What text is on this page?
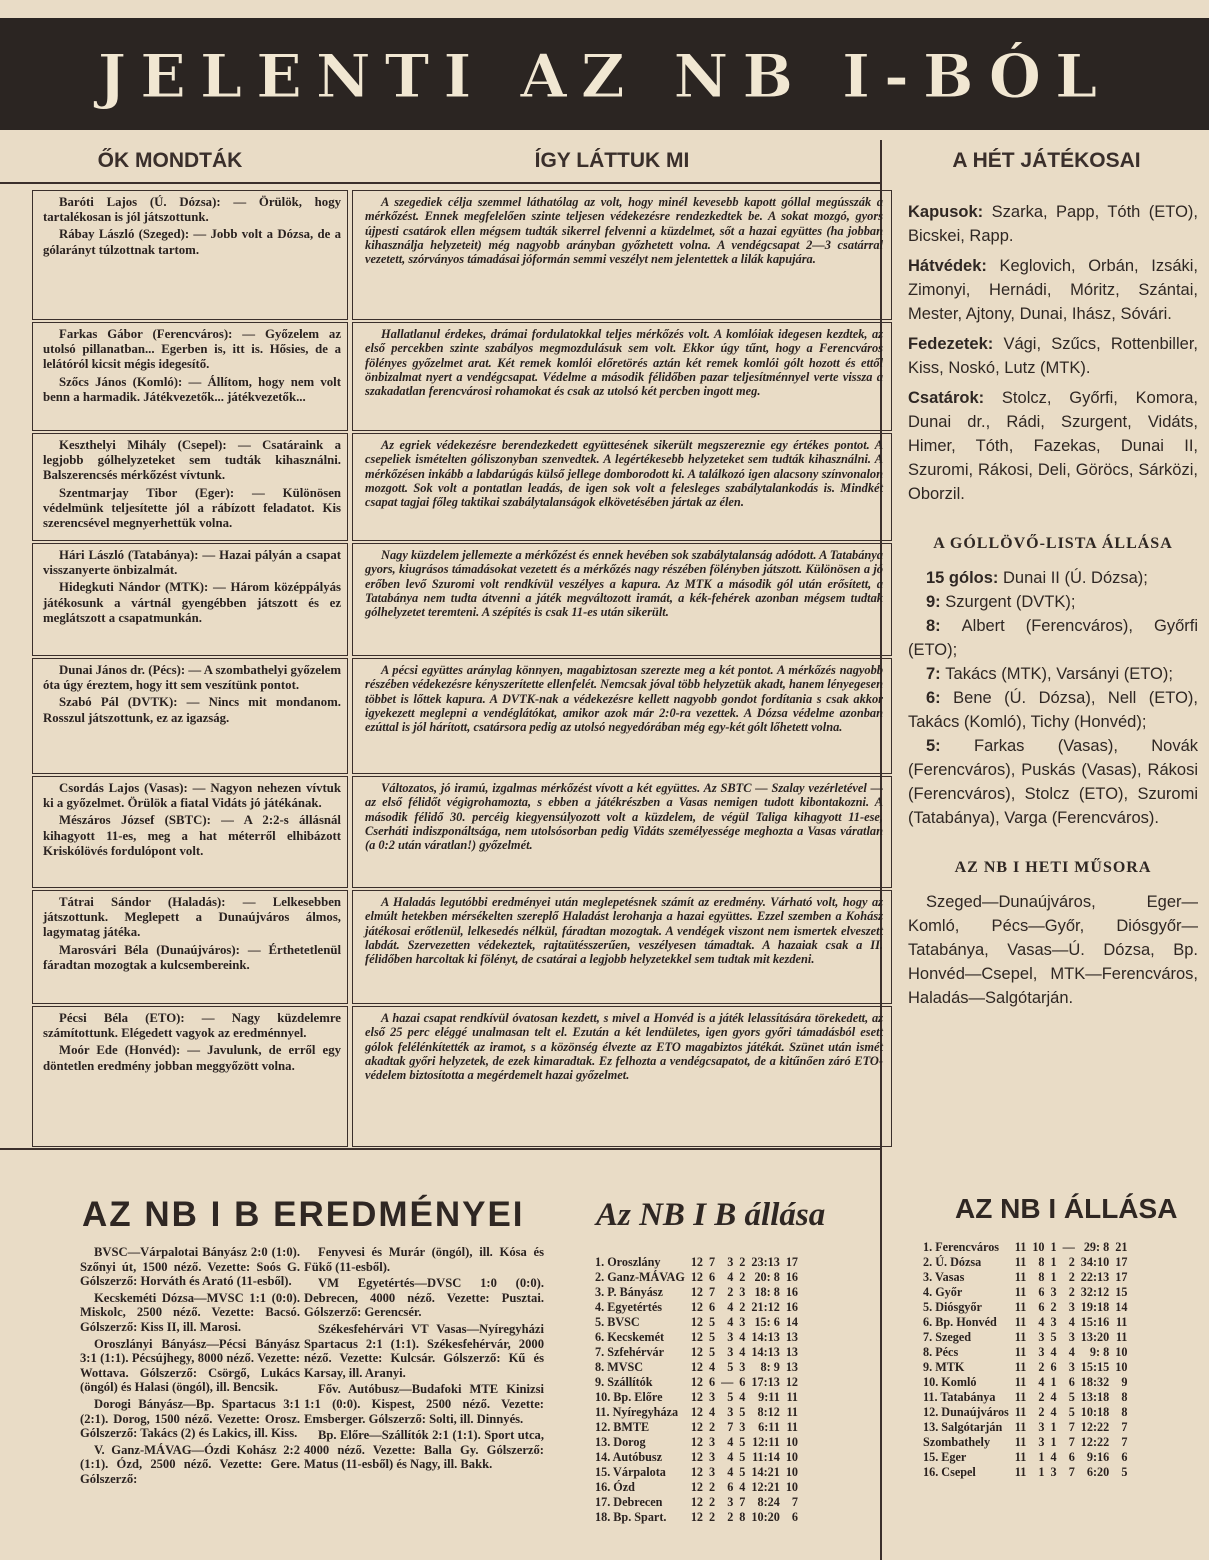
JELENTI AZ NB I-BÓL
ŐK MONDTÁK	ÍGY LÁTTUK MI	A HÉT JÁTÉKOSAI

Baróti Lajos (Ú. Dózsa): — Örülök, hogy tartalékosan is jól játszottunk.

Rábay László (Szeged): — Jobb volt a Dózsa, de a gólarányt túlzottnak tartom.

A szegediek célja szemmel láthatólag az volt, hogy minél kevesebb kapott góllal megússzák a mérkőzést. Ennek megfelelően szinte teljesen védekezésre rendezkedtek be. A sokat mozgó, gyors újpesti csatárok ellen mégsem tudták sikerrel felvenni a küzdelmet, sőt a hazai együttes (ha jobban kihasználja helyzeteit) még nagyobb arányban győzhetett volna. A vendégcsapat 2—3 csatárral vezetett, szórványos támadásai jóformán semmi veszélyt nem jelentettek a lilák kapujára.

Farkas Gábor (Ferencváros): — Győzelem az utolsó pillanatban... Egerben is, itt is. Hősies, de a lelátóról kicsit mégis idegesítő.

Szőcs János (Komló): — Állítom, hogy nem volt benn a harmadik. Játékvezetők... játékvezetők...

Hallatlanul érdekes, drámai fordulatokkal teljes mérkőzés volt. A komlóiak idegesen kezdtek, az első percekben szinte szabályos megmozdulásuk sem volt. Ekkor úgy tűnt, hogy a Ferencváros fölényes győzelmet arat. Két remek komlói előretörés aztán két remek komlói gólt hozott és ettől önbizalmat nyert a vendégcsapat. Védelme a második félidőben pazar teljesítménnyel verte vissza a szakadatlan ferencvárosi rohamokat és csak az utolsó két percben ingott meg.

Keszthelyi Mihály (Csepel): — Csatáraink a legjobb gólhelyzeteket sem tudták kihasználni. Balszerencsés mérkőzést vívtunk.

Szentmarjay Tibor (Eger): — Különösen védelmünk teljesítette jól a rábízott feladatot. Kis szerencsével megnyerhettük volna.

Az egriek védekezésre berendezkedett együttesének sikerült megszereznie egy értékes pontot. A csepeliek ismételten góliszonyban szenvedtek. A legértékesebb helyzeteket sem tudták kihasználni. A mérkőzésen inkább a labdarúgás külső jellege domborodott ki. A találkozó igen alacsony színvonalon mozgott. Sok volt a pontatlan leadás, de igen sok volt a felesleges szabálytalankodás is. Mindkét csapat tagjai főleg taktikai szabálytalanságok elkövetésében jártak az élen.

Hári László (Tatabánya): — Hazai pályán a csapat visszanyerte önbizalmát.

Hidegkuti Nándor (MTK): — Három középpályás játékosunk a vártnál gyengébben játszott és ez meglátszott a csapatmunkán.

Nagy küzdelem jellemezte a mérkőzést és ennek hevében sok szabálytalanság adódott. A Tatabánya gyors, kiugrásos támadásokat vezetett és a mérkőzés nagy részében fölényben játszott. Különösen a jó erőben levő Szuromi volt rendkívül veszélyes a kapura. Az MTK a második gól után erősített, a Tatabánya nem tudta átvenni a játék megváltozott iramát, a kék-fehérek azonban mégsem tudtak gólhelyzetet teremteni. A szépítés is csak 11-es után sikerült.

Dunai János dr. (Pécs): — A szombathelyi győzelem óta úgy éreztem, hogy itt sem veszítünk pontot.

Szabó Pál (DVTK): — Nincs mit mondanom. Rosszul játszottunk, ez az igazság.

A pécsi együttes aránylag könnyen, magabiztosan szerezte meg a két pontot. A mérkőzés nagyobb részében védekezésre kényszerítette ellenfelét. Nemcsak jóval több helyzetük akadt, hanem lényegesen többet is lőttek kapura. A DVTK-nak a védekezésre kellett nagyobb gondot fordítania s csak akkor igyekezett meglepni a vendéglátókat, amikor azok már 2:0-ra vezettek. A Dózsa védelme azonban ezúttal is jól hárított, csatársora pedig az utolsó negyedórában még egy-két gólt lőhetett volna.

Csordás Lajos (Vasas): — Nagyon nehezen vívtuk ki a győzelmet. Örülök a fiatal Vidáts jó játékának.

Mészáros József (SBTC): — A 2:2-s állásnál kihagyott 11-es, meg a hat méterről elhibázott Kriskólövés fordulópont volt.

Változatos, jó iramú, izgalmas mérkőzést vívott a két együttes. Az SBTC — Szalay vezérletével — az első félidőt végigrohamozta, s ebben a játékrészben a Vasas nemigen tudott kibontakozni. A második félidő 30. percéig kiegyensúlyozott volt a küzdelem, de végül Taliga kihagyott 11-ese, Cserháti indiszponáltsága, nem utolsósorban pedig Vidáts személyessége meghozta a Vasas váratlan (a 0:2 után váratlan!) győzelmét.

Tátrai Sándor (Haladás): — Lelkesebben játszottunk. Meglepett a Dunaújváros álmos, lagymatag játéka.

Marosvári Béla (Dunaújváros): — Érthetetlenül fáradtan mozogtak a kulcsembereink.

A Haladás legutóbbi eredményei után meglepetésnek számít az eredmény. Várható volt, hogy az elmúlt hetekben mérsékelten szereplő Haladást lerohanja a hazai együttes. Ezzel szemben a Kohász játékosai erőtlenül, lelkesedés nélkül, fáradtan mozogtak. A vendégek viszont nem ismertek elveszett labdát. Szervezetten védekeztek, rajtaütésszerűen, veszélyesen támadtak. A hazaiak csak a II. félidőben harcoltak ki fölényt, de csatárai a legjobb helyzetekkel sem tudtak mit kezdeni.

Pécsi Béla (ETO): — Nagy küzdelemre számítottunk. Elégedett vagyok az eredménnyel.

Moór Ede (Honvéd): — Javulunk, de erről egy döntetlen eredmény jobban meggyőzött volna.

A hazai csapat rendkívül óvatosan kezdett, s mivel a Honvéd is a játék lelassítására törekedett, az első 25 perc eléggé unalmasan telt el. Ezután a két lendületes, igen gyors győri támadásból esett gólok felélénkítették az iramot, s a közönség élvezte az ETO magabiztos játékát. Szünet után ismét akadtak győri helyzetek, de ezek kimaradtak. Ez felhozta a vendégcsapatot, de a kitűnően záró ETO-védelem biztosította a megérdemelt hazai győzelmet.

Kapusok: Szarka, Papp, Tóth (ETO), Bicskei, Rapp.

Hátvédek: Keglovich, Orbán, Izsáki, Zimonyi, Hernádi, Móritz, Szántai, Mester, Ajtony, Dunai, Ihász, Sóvári.

Fedezetek: Vági, Szűcs, Rottenbiller, Kiss, Noskó, Lutz (MTK).

Csatárok: Stolcz, Győrfi, Komora, Dunai dr., Rádi, Szurgent, Vidáts, Himer, Tóth, Fazekas, Dunai II, Szuromi, Rákosi, Deli, Göröcs, Sárközi, Oborzil.

A GÓLLÖVŐ-LISTA ÁLLÁSA

15 gólos: Dunai II (Ú. Dózsa);

9: Szurgent (DVTK);

8: Albert (Ferencváros), Győrfi (ETO);

7: Takács (MTK), Varsányi (ETO);

6: Bene (Ú. Dózsa), Nell (ETO), Takács (Komló), Tichy (Honvéd);

5: Farkas (Vasas), Novák (Ferencváros), Puskás (Vasas), Rákosi (Ferencváros), Stolcz (ETO), Szuromi (Tatabánya), Varga (Ferencváros).

AZ NB I HETI MŰSORA

Szeged—Dunaújváros, Eger—Komló, Pécs—Győr, Diósgyőr—Tatabánya, Vasas—Ú. Dózsa, Bp. Honvéd—Csepel, MTK—Ferencváros, Haladás—Salgótarján.

AZ NB I B EREDMÉNYEI

BVSC—Várpalotai Bányász 2:0 (1:0). Szőnyi út, 1500 néző. Vezette: Soós G. Gólszerző: Horváth és Arató (11-esből).

Kecskeméti Dózsa—MVSC 1:1 (0:0). Miskolc, 2500 néző. Vezette: Bacsó. Gólszerző: Kiss II, ill. Marosi.

Oroszlányi Bányász—Pécsi Bányász 3:1 (1:1). Pécsújhegy, 8000 néző. Vezette: Wottava. Gólszerző: Csörgő, Lukács (öngól) és Halasi (öngól), ill. Bencsik.

Dorogi Bányász—Bp. Spartacus 3:1 (2:1). Dorog, 1500 néző. Vezette: Orosz. Gólszerző: Takács (2) és Lakics, ill. Kiss.

V. Ganz-MÁVAG—Ózdi Kohász 2:2 (1:1). Ózd, 2500 néző. Vezette: Gere. Gólszerző:

Fenyvesi és Murár (öngól), ill. Kósa és Fükő (11-esből).

VM Egyetértés—DVSC 1:0 (0:0). Debrecen, 4000 néző. Vezette: Pusztai. Gólszerző: Gerencsér.

Székesfehérvári VT Vasas—Nyíregyházi Spartacus 2:1 (1:1). Székesfehérvár, 2000 néző. Vezette: Kulcsár. Gólszerző: Kű és Karsay, ill. Aranyi.

Főv. Autóbusz—Budafoki MTE Kinizsi 1:1 (0:0). Kispest, 2500 néző. Vezette: Emsberger. Gólszerző: Solti, ill. Dinnyés.

Bp. Előre—Szállítók 2:1 (1:1). Sport utca, 4000 néző. Vezette: Balla Gy. Gólszerző: Matus (11-esből) és Nagy, ill. Bakk.

Az NB I B állása
1. Oroszlány	12	7	3	2	23:13	17
2. Ganz-MÁVAG	12	6	4	2	20: 8	16
3. P. Bányász	12	7	2	3	18: 8	16
4. Egyetértés	12	6	4	2	21:12	16
5. BVSC	12	5	4	3	15: 6	14
6. Kecskemét	12	5	3	4	14:13	13
7. Szfehérvár	12	5	3	4	14:13	13
8. MVSC	12	4	5	3	8: 9	13
9. Szállítók	12	6	—	6	17:13	12
10. Bp. Előre	12	3	5	4	9:11	11
11. Nyíregyháza	12	4	3	5	8:12	11
12. BMTE	12	2	7	3	6:11	11
13. Dorog	12	3	4	5	12:11	10
14. Autóbusz	12	3	4	5	11:14	10
15. Várpalota	12	3	4	5	14:21	10
16. Ózd	12	2	6	4	12:21	10
17. Debrecen	12	2	3	7	8:24	7
18. Bp. Spart.	12	2	2	8	10:20	6
AZ NB I ÁLLÁSA
1. Ferencváros	11	10	1	—	29: 8	21
2. Ú. Dózsa	11	8	1	2	34:10	17
3. Vasas	11	8	1	2	22:13	17
4. Győr	11	6	3	2	32:12	15
5. Diósgyőr	11	6	2	3	19:18	14
6. Bp. Honvéd	11	4	3	4	15:16	11
7. Szeged	11	3	5	3	13:20	11
8. Pécs	11	3	4	4	9: 8	10
9. MTK	11	2	6	3	15:15	10
10. Komló	11	4	1	6	18:32	9
11. Tatabánya	11	2	4	5	13:18	8
12. Dunaújváros	11	2	4	5	10:18	8
13. Salgótarján	11	3	1	7	12:22	7
Szombathely	11	3	1	7	12:22	7
15. Eger	11	1	4	6	9:16	6
16. Csepel	11	1	3	7	6:20	5
